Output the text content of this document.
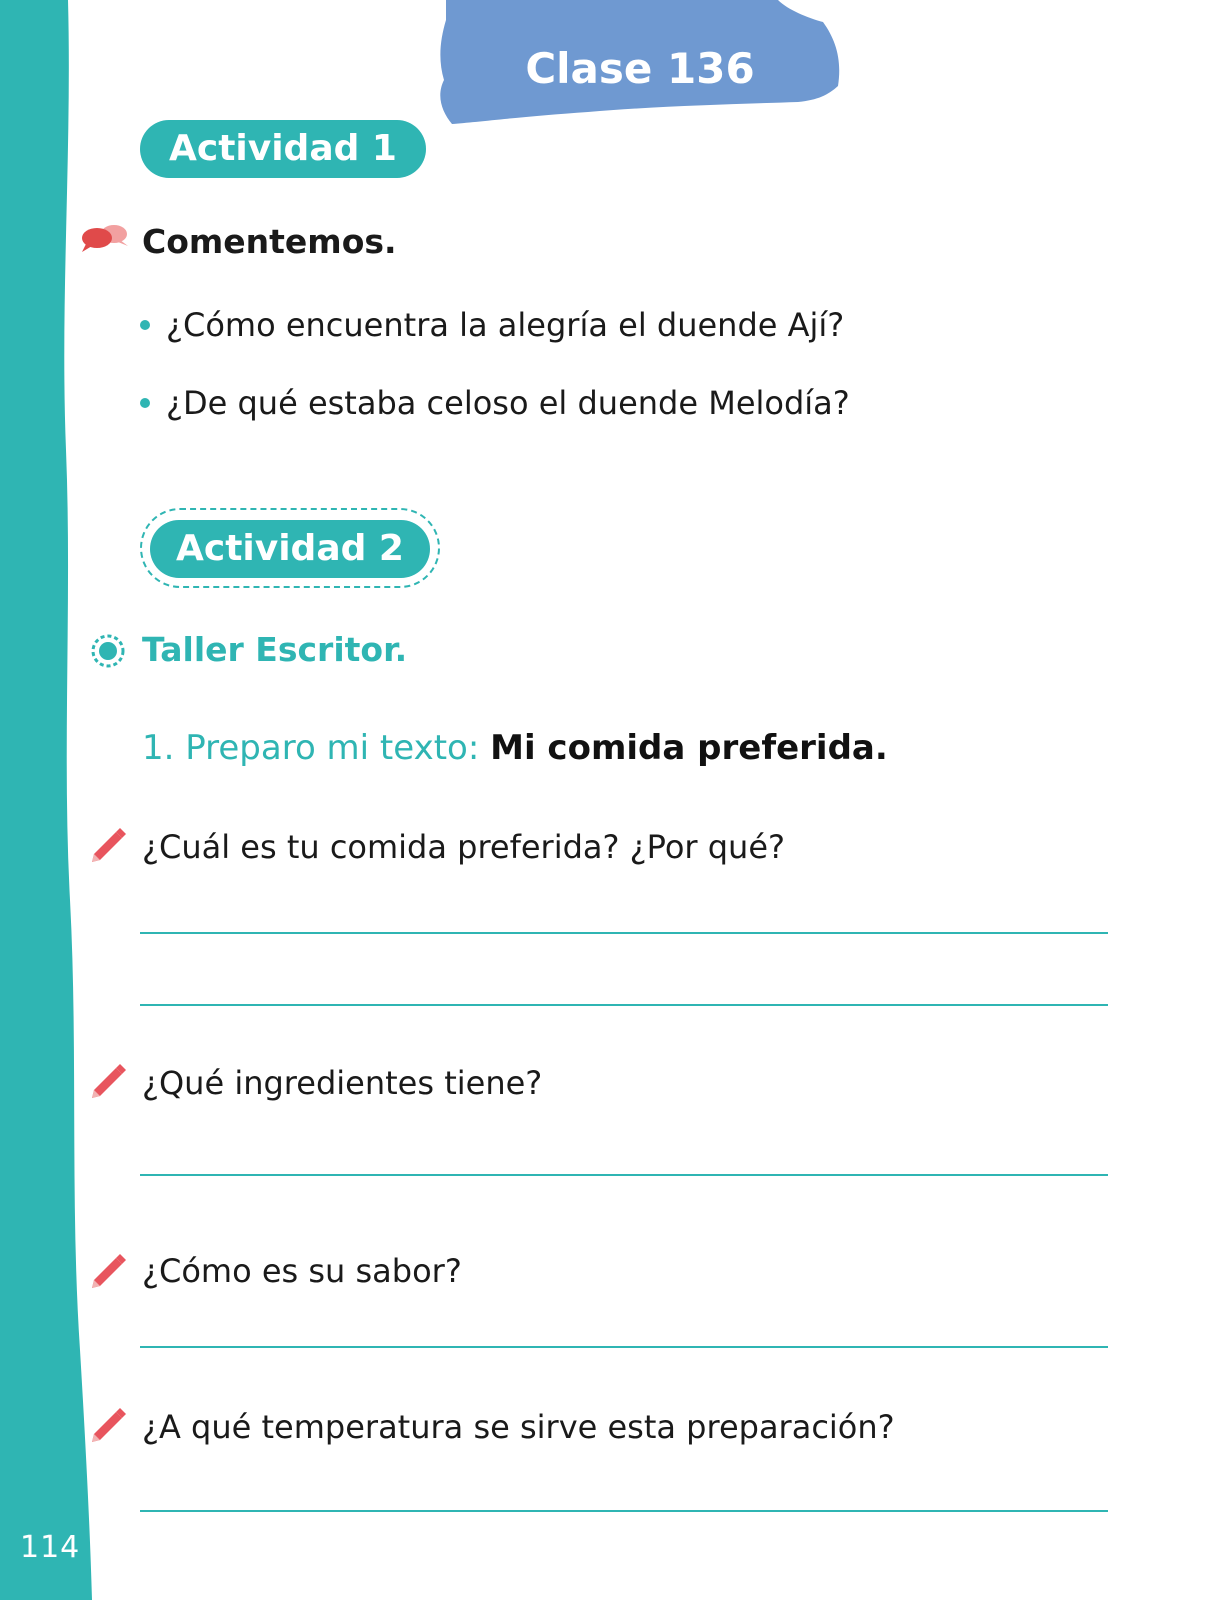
114
Clase 136
Actividad 1
Comentemos.
¿Cómo encuentra la alegría el duende Ají?
¿De qué estaba celoso el duende Melodía?
Actividad 2
Taller Escritor.
1. Preparo mi texto: Mi comida preferida.
¿Cuál es tu comida preferida? ¿Por qué?
¿Qué ingredientes tiene?
¿Cómo es su sabor?
¿A qué temperatura se sirve esta preparación?
